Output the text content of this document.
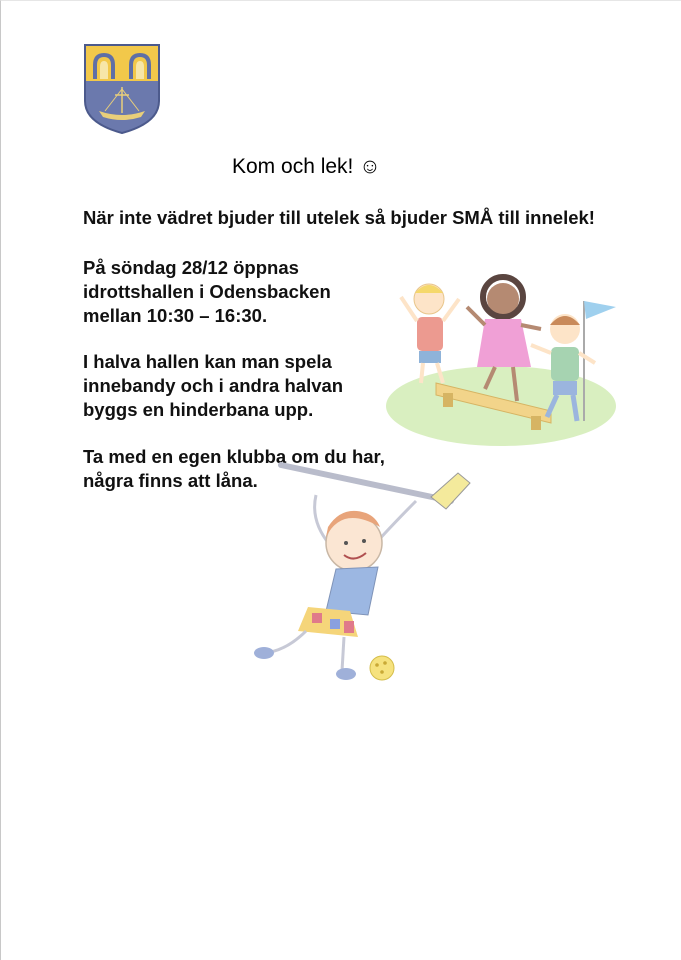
Kom och lek! ☺
När inte vädret bjuder till utelek så bjuder SMÅ till innelek!
På söndag 28/12 öppnas
idrottshallen i Odensbacken
mellan 10:30 – 16:30.
I halva hallen kan man spela
innebandy och i andra halvan
byggs en hinderbana upp.
Ta med en egen klubba om du har,
några finns att låna.
